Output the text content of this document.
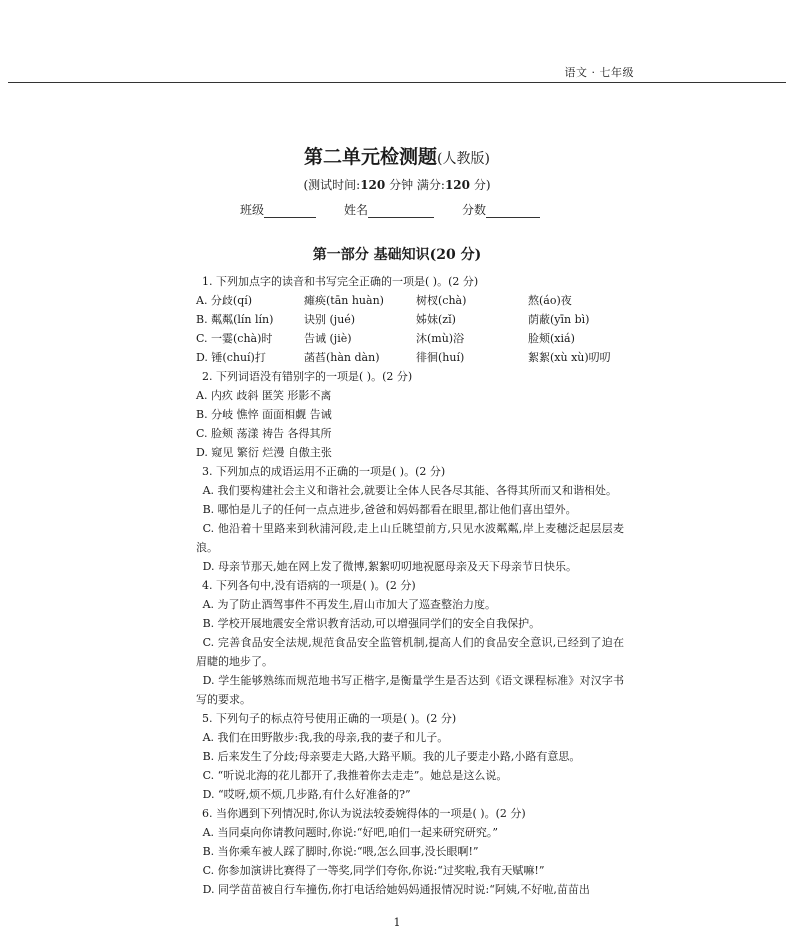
语文 · 七年级
第二单元检测题(人教版)
(测试时间:120 分钟 满分:120 分)
班级	姓名	分数
第一部分 基础知识(20 分)

1. 下列加点字的读音和书写完全正确的一项是( )。(2 分)

A. 分歧(qí)	瘫痪(tān huàn)	树杈(chà)	熬(áo)夜
B. 粼粼(lín lín)	诀别 (jué)	姊妹(zǐ)	荫蔽(yīn bì)
C. 一霎(chà)时	告诫 (jiè)	沐(mù)浴	脸颊(xiá)
D. 锤(chuí)打	菡萏(hàn dàn)	徘徊(huí)	絮絮(xù xù)叨叨

2. 下列词语没有错别字的一项是( )。(2 分)

A. 内疚 歧斜 匿笑 形影不离

B. 分岐 憔悴 面面相觑 告诫

C. 脸颊 荡漾 祷告 各得其所

D. 窥见 繁衍 烂漫 自傲主张

3. 下列加点的成语运用不正确的一项是( )。(2 分)

A. 我们要构建社会主义和谐社会,就要让全体人民各尽其能、各得其所而又和谐相处。

B. 哪怕是儿子的任何一点点进步,爸爸和妈妈都看在眼里,都让他们喜出望外。

C. 他沿着十里路来到秋浦河段,走上山丘眺望前方,只见水波粼粼,岸上麦穗泛起层层麦浪。

D. 母亲节那天,她在网上发了微博,絮絮叨叨地祝愿母亲及天下母亲节日快乐。

4. 下列各句中,没有语病的一项是( )。(2 分)

A. 为了防止酒驾事件不再发生,眉山市加大了巡查整治力度。

B. 学校开展地震安全常识教育活动,可以增强同学们的安全自我保护。

C. 完善食品安全法规,规范食品安全监管机制,提高人们的食品安全意识,已经到了迫在眉睫的地步了。

D. 学生能够熟练而规范地书写正楷字,是衡量学生是否达到《语文课程标准》对汉字书写的要求。

5. 下列句子的标点符号使用正确的一项是( )。(2 分)

A. 我们在田野散步:我,我的母亲,我的妻子和儿子。

B. 后来发生了分歧;母亲要走大路,大路平顺。我的儿子要走小路,小路有意思。

C. “听说北海的花儿都开了,我推着你去走走”。她总是这么说。

D. “哎呀,烦不烦,几步路,有什么好准备的?”

6. 当你遇到下列情况时,你认为说法较委婉得体的一项是( )。(2 分)

A. 当同桌向你请教问题时,你说:“好吧,咱们一起来研究研究。”

B. 当你乘车被人踩了脚时,你说:“喂,怎么回事,没长眼啊!”

C. 你参加演讲比赛得了一等奖,同学们夸你,你说:“过奖啦,我有天赋嘛!”

D. 同学苗苗被自行车撞伤,你打电话给她妈妈通报情况时说:“阿姨,不好啦,苗苗出

1
